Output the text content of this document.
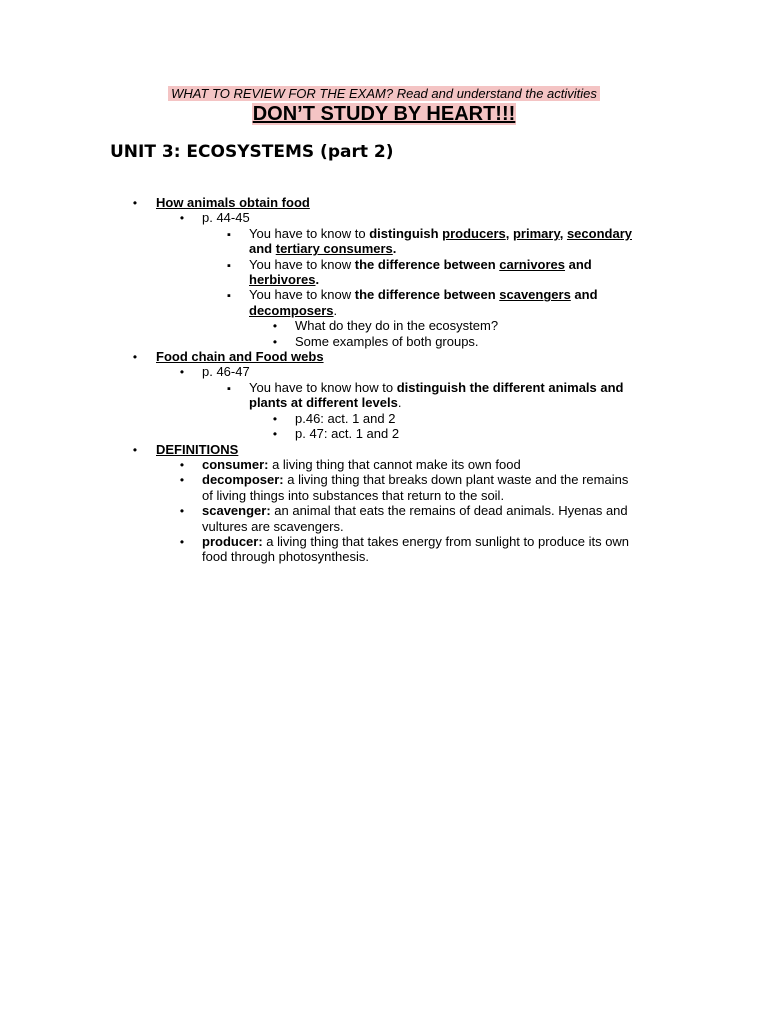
WHAT TO REVIEW FOR THE EXAM? Read and understand the activities
DON’T STUDY BY HEART!!!
UNIT 3: ECOSYSTEMS (part 2)
•
How animals obtain food
•
p. 44-45
▪
You have to know to distinguish producers, primary, secondary and tertiary consumers.
▪
You have to know the difference between carnivores and herbivores.
▪
You have to know the difference between scavengers and decomposers.
•
What do they do in the ecosystem?
•
Some examples of both groups.
•
Food chain and Food webs
•
p. 46-47
▪
You have to know how to distinguish the different animals and plants at different levels.
•
p.46: act. 1 and 2
•
p. 47: act. 1 and 2
•
DEFINITIONS
•
consumer: a living thing that cannot make its own food
•
decomposer: a living thing that breaks down plant waste and the remains of living things into substances that return to the soil.
•
scavenger: an animal that eats the remains of dead animals. Hyenas and vultures are scavengers.
•
producer: a living thing that takes energy from sunlight to produce its own food through photosynthesis.
